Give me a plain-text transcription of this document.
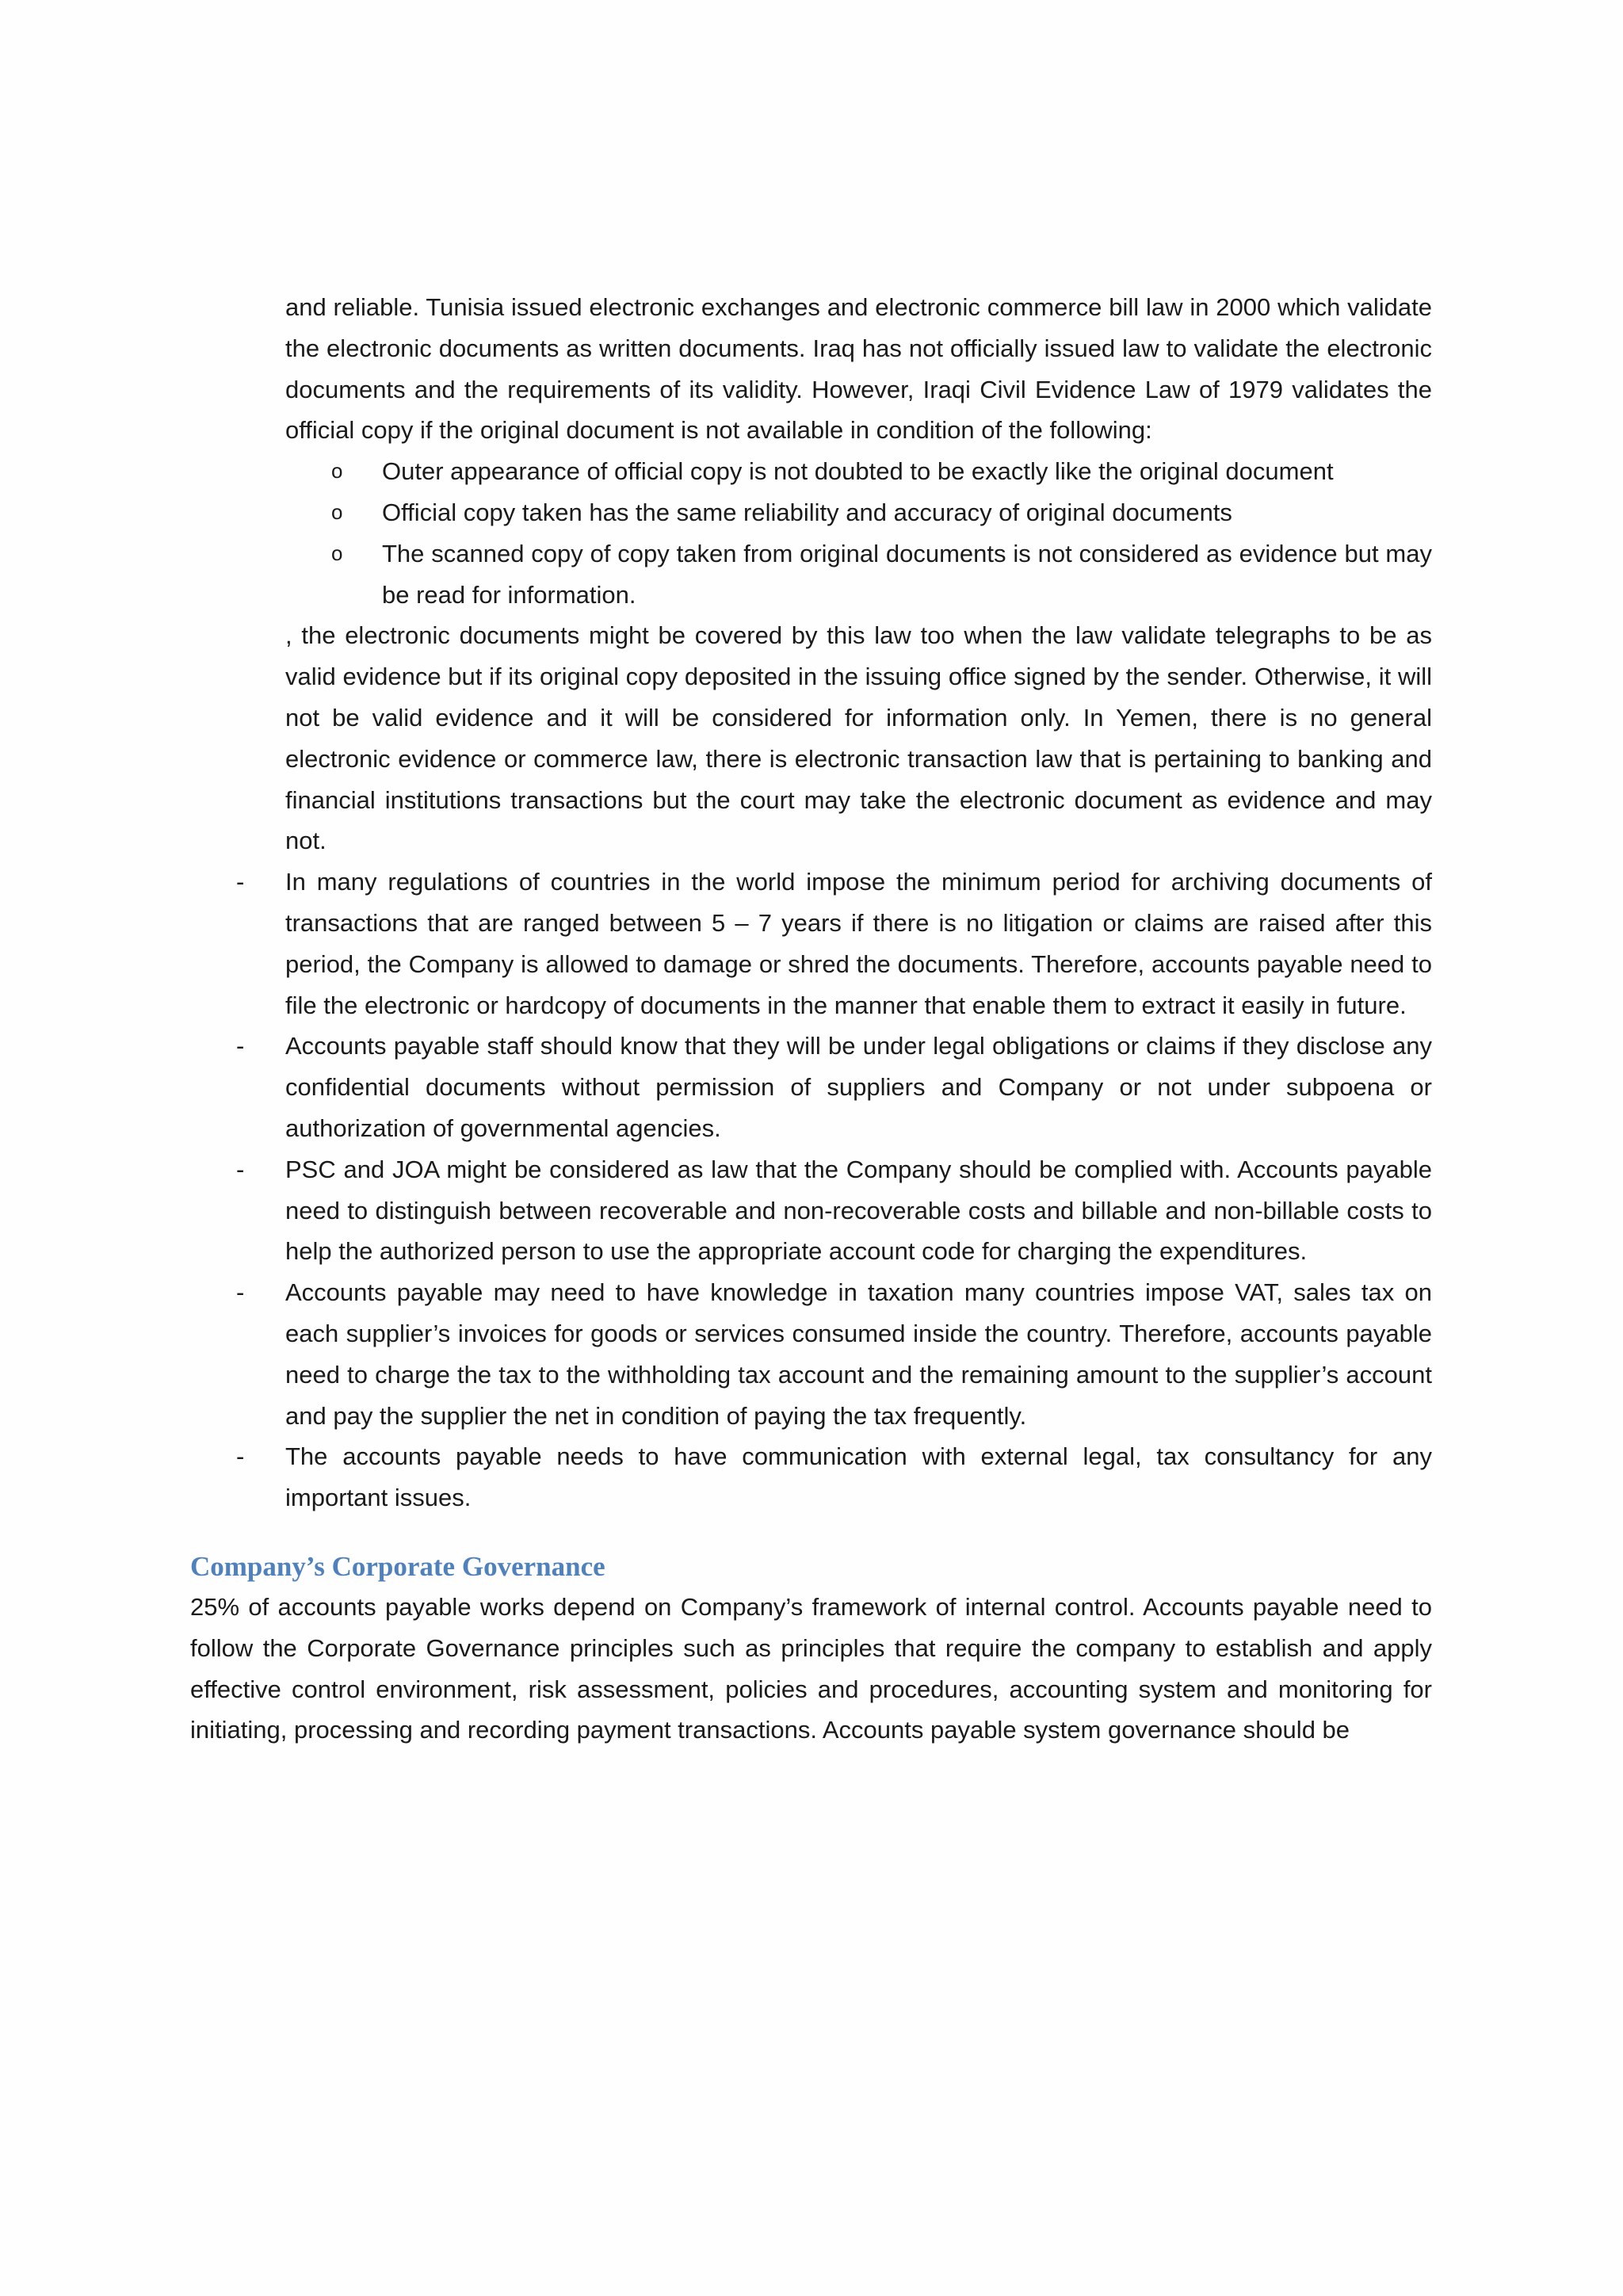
and reliable. Tunisia issued electronic exchanges and electronic commerce bill law in 2000 which validate the electronic documents as written documents. Iraq has not officially issued law to validate the electronic documents and the requirements of its validity. However, Iraqi Civil Evidence Law of 1979 validates the official copy if the original document is not available in condition of the following:

o Outer appearance of official copy is not doubted to be exactly like the original document
o Official copy taken has the same reliability and accuracy of original documents
o The scanned copy of copy taken from original documents is not considered as evidence but may be read for information.

, the electronic documents might be covered by this law too when the law validate telegraphs to be as valid evidence but if its original copy deposited in the issuing office signed by the sender. Otherwise, it will not be valid evidence and it will be considered for information only. In Yemen, there is no general electronic evidence or commerce law, there is electronic transaction law that is pertaining to banking and financial institutions transactions but the court may take the electronic document as evidence and may not.

- In many regulations of countries in the world impose the minimum period for archiving documents of transactions that are ranged between 5 – 7 years if there is no litigation or claims are raised after this period, the Company is allowed to damage or shred the documents. Therefore, accounts payable need to file the electronic or hardcopy of documents in the manner that enable them to extract it easily in future.
- Accounts payable staff should know that they will be under legal obligations or claims if they disclose any confidential documents without permission of suppliers and Company or not under subpoena or authorization of governmental agencies.
- PSC and JOA might be considered as law that the Company should be complied with. Accounts payable need to distinguish between recoverable and non-recoverable costs and billable and non-billable costs to help the authorized person to use the appropriate account code for charging the expenditures.
- Accounts payable may need to have knowledge in taxation many countries impose VAT, sales tax on each supplier’s invoices for goods or services consumed inside the country. Therefore, accounts payable need to charge the tax to the withholding tax account and the remaining amount to the supplier’s account and pay the supplier the net in condition of paying the tax frequently.
- The accounts payable needs to have communication with external legal, tax consultancy for any important issues.
Company’s Corporate Governance

25% of accounts payable works depend on Company’s framework of internal control. Accounts payable need to follow the Corporate Governance principles such as principles that require the company to establish and apply effective control environment, risk assessment, policies and procedures, accounting system and monitoring for initiating, processing and recording payment transactions. Accounts payable system governance should be
